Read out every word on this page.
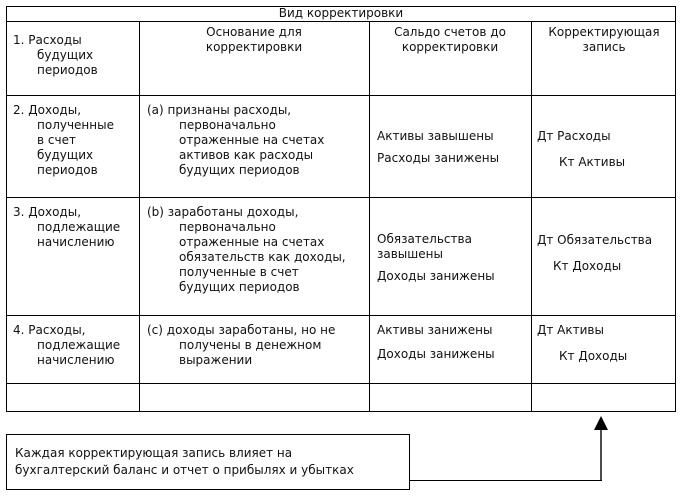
Вид корректировки
Основание для
корректировки
Сальдо счетов до
корректировки
Корректирующая
запись
1. Расходы
будущих
периодов
2. Доходы,
полученные
в счет
будущих
периодов
(a) признаны расходы,
первоначально
отраженные на счетах
активов как расходы
будущих периодов
Активы завышены
Расходы занижены
Дт Расходы
Кт Активы
3. Доходы,
подлежащие
начислению
(b) заработаны доходы,
первоначально
отраженные на счетах
обязательств как доходы,
полученные в счет
будущих периодов
Обязательства
завышены
Доходы занижены
Дт Обязательства
Кт Доходы
4. Расходы,
подлежащие
начислению
(c) доходы заработаны, но не
получены в денежном
выражении
Активы занижены
Доходы занижены
Дт Активы
Кт Доходы
Каждая корректирующая запись влияет на
бухгалтерский баланс и отчет о прибылях и убытках
